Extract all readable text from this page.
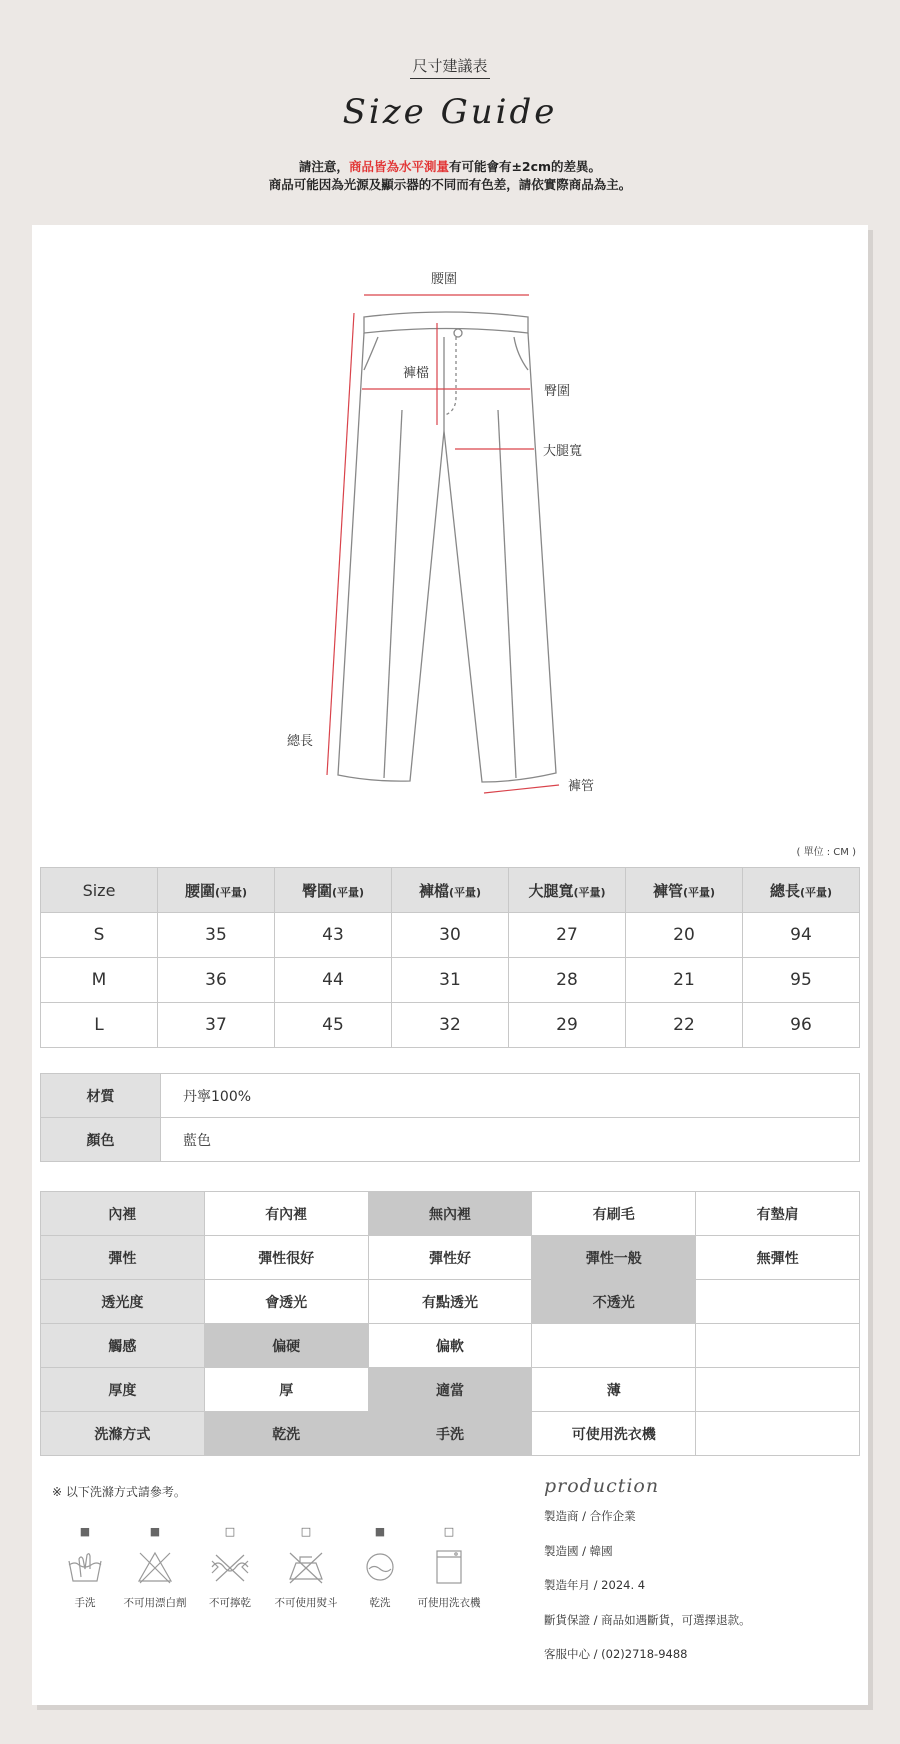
尺寸建議表
Size Guide
請注意，商品皆為水平測量有可能會有±2cm的差異。
商品可能因為光源及顯示器的不同而有色差，請依實際商品為主。
腰圍
褲檔
臀圍
大腿寬
總長
褲管
( 單位 : CM )
Size	腰圍(平量)	臀圍(平量)	褲檔(平量)	大腿寬(平量)	褲管(平量)	總長(平量)
S	35	43	30	27	20	94
M	36	44	31	28	21	95
L	37	45	32	29	22	96
材質	丹寧100%
顏色	藍色
內裡	有內裡	無內裡	有刷毛	有墊肩
彈性	彈性很好	彈性好	彈性一般	無彈性
透光度	會透光	有點透光	不透光	
觸感	偏硬	偏軟		
厚度	厚	適當	薄	
洗滌方式	乾洗	手洗	可使用洗衣機	
※ 以下洗滌方式請參考。
■
手洗
■
不可用漂白劑
□
不可擰乾
□
不可使用熨斗
■
乾洗
□
可使用洗衣機
production
製造商 / 合作企業
製造國 / 韓國
製造年月 / 2024. 4
斷貨保證 / 商品如遇斷貨，可選擇退款。
客服中心 / (02)2718-9488
